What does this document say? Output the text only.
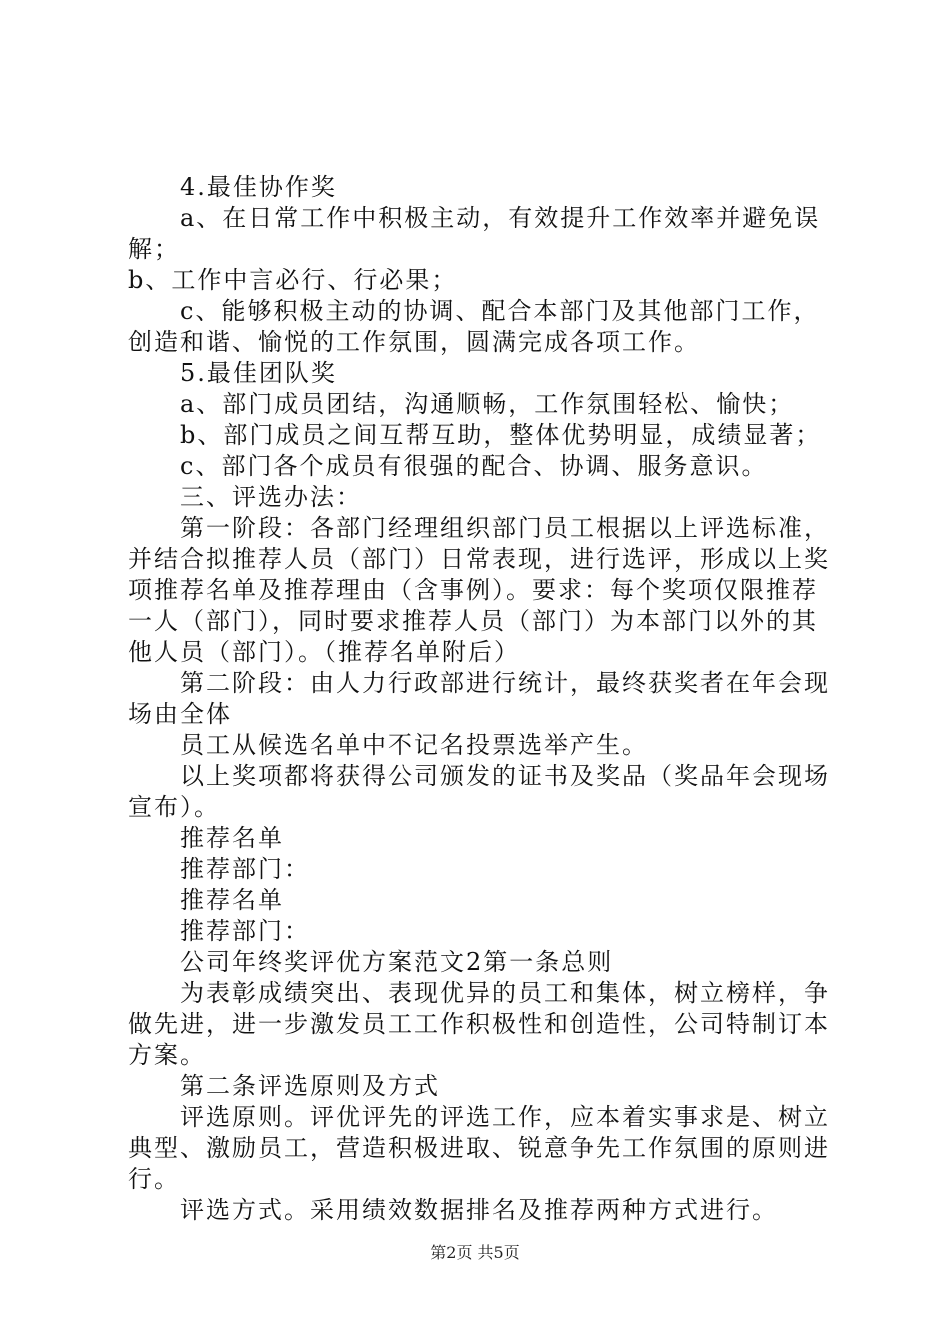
4.最佳协作奖

a、在日常工作中积极主动，有效提升工作效率并避免误解；

b、工作中言必行、行必果；

c、能够积极主动的协调、配合本部门及其他部门工作，创造和谐、愉悦的工作氛围，圆满完成各项工作。

5.最佳团队奖

a、部门成员团结，沟通顺畅，工作氛围轻松、愉快；

b、部门成员之间互帮互助，整体优势明显，成绩显著；

c、部门各个成员有很强的配合、协调、服务意识。

三、评选办法：

第一阶段：各部门经理组织部门员工根据以上评选标准，并结合拟推荐人员（部门）日常表现，进行选评，形成以上奖项推荐名单及推荐理由（含事例）。要求：每个奖项仅限推荐一人（部门），同时要求推荐人员（部门）为本部门以外的其他人员（部门）。（推荐名单附后）

第二阶段：由人力行政部进行统计，最终获奖者在年会现场由全体

员工从候选名单中不记名投票选举产生。

以上奖项都将获得公司颁发的证书及奖品（奖品年会现场宣布）。

推荐名单

推荐部门：

推荐名单

推荐部门：

公司年终奖评优方案范文2第一条总则

为表彰成绩突出、表现优异的员工和集体，树立榜样，争做先进，进一步激发员工工作积极性和创造性，公司特制订本方案。

第二条评选原则及方式

评选原则。评优评先的评选工作，应本着实事求是、树立典型、激励员工，营造积极进取、锐意争先工作氛围的原则进行。

评选方式。采用绩效数据排名及推荐两种方式进行。

第2页 共5页
